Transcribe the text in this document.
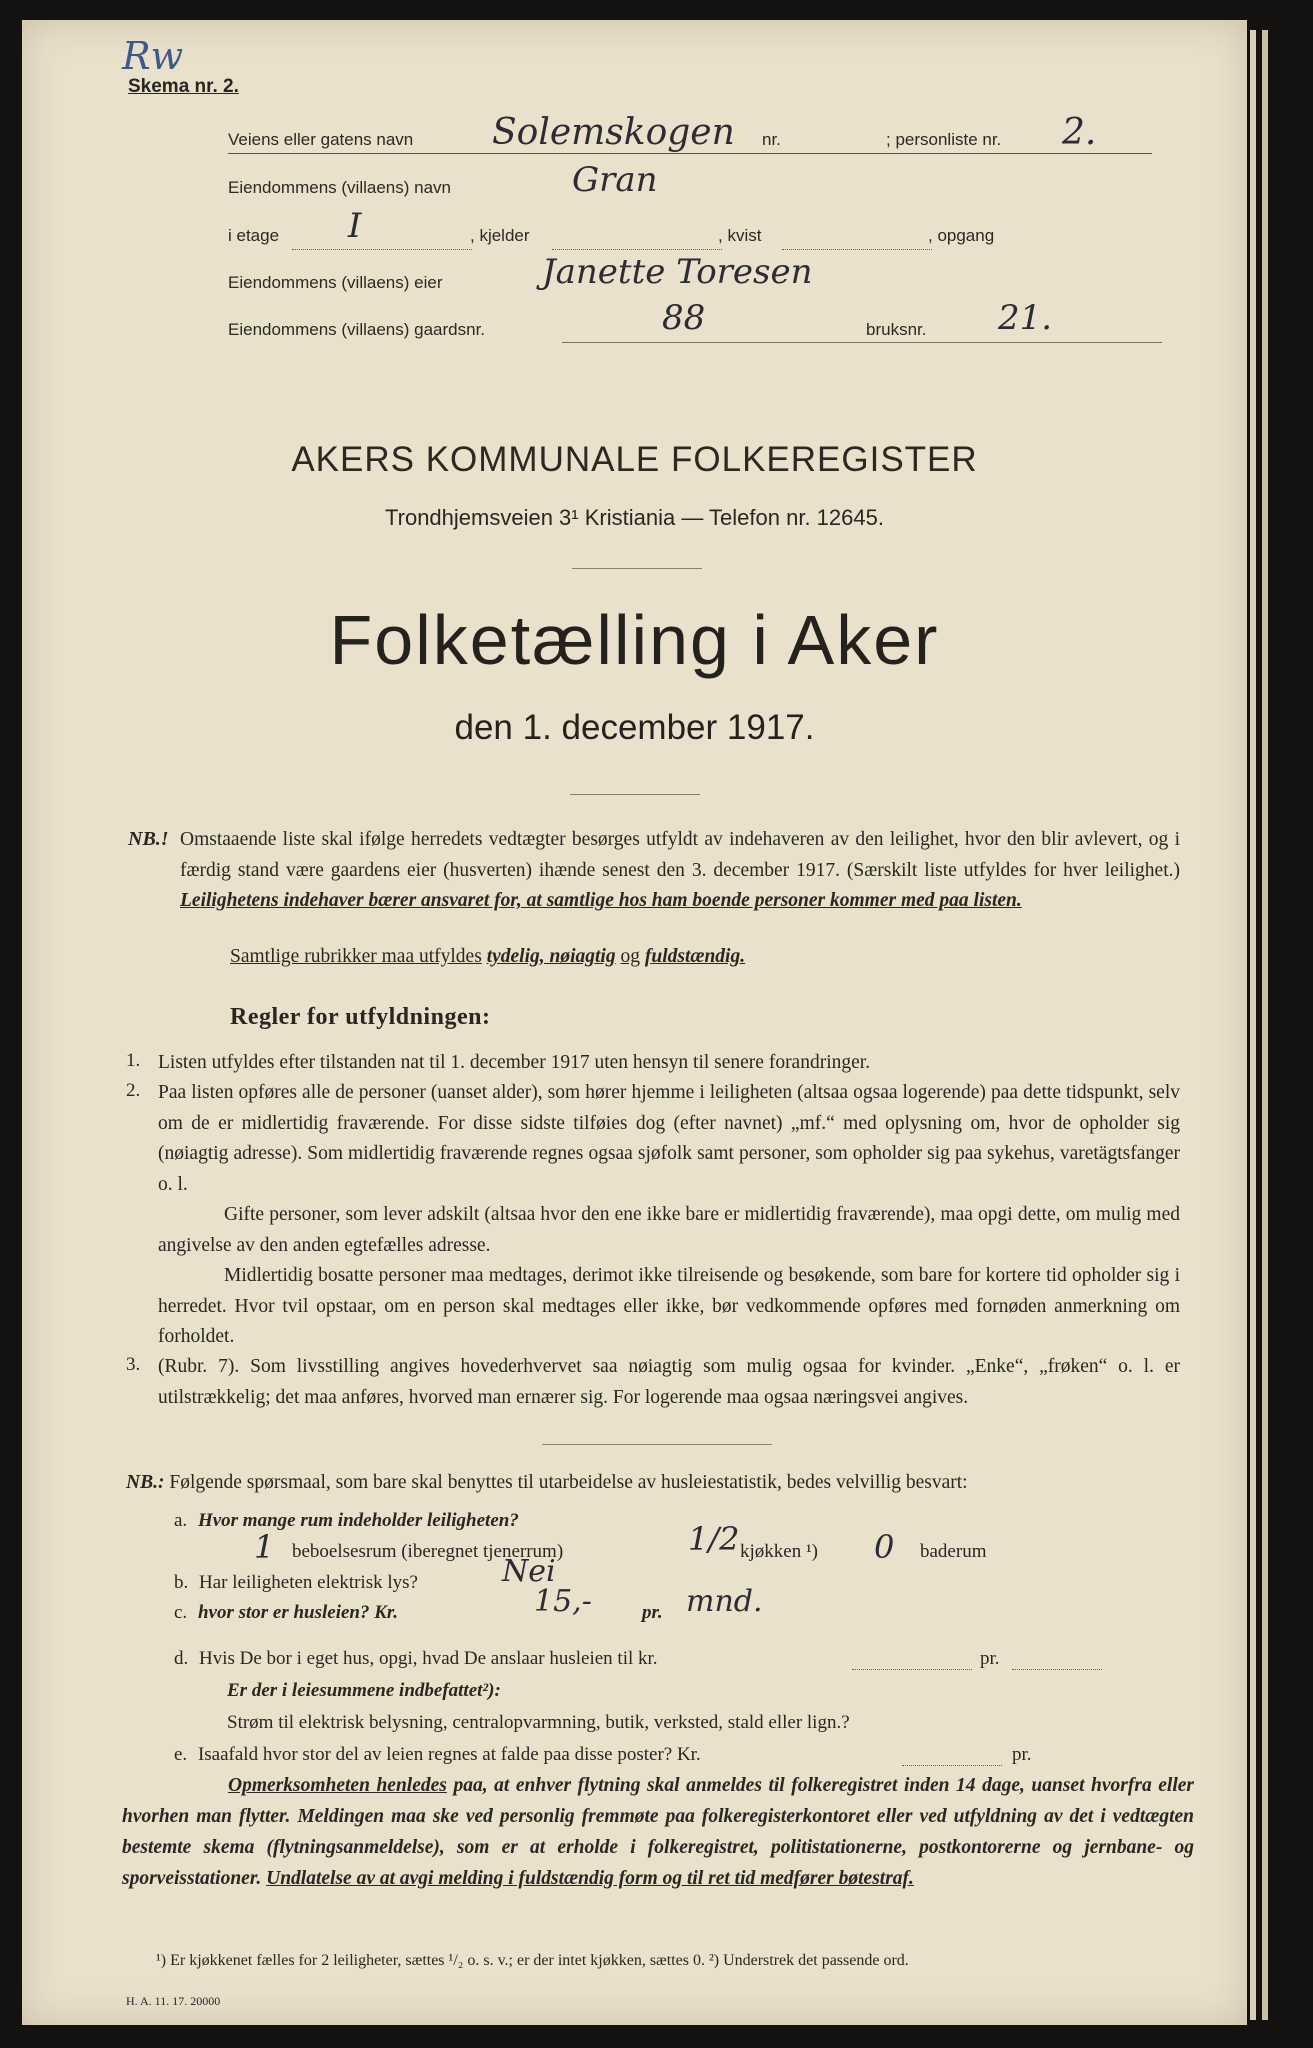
Rw
Skema nr. 2.
Veiens eller gatens navn Solemskogen nr.	; personliste nr. 2.
Eiendommens (villaens) navn	Gran
i etage I	, kjelder	, kvist	, opgang
Eiendommens (villaens) eier	Janette Toresen
Eiendommens (villaens) gaardsnr.	88	bruksnr. 21.
AKERS KOMMUNALE FOLKEREGISTER
Trondhjemsveien 3¹ Kristiania — Telefon nr. 12645.
Folketælling i Aker
den 1. december 1917.
NB.! Omstaaende liste skal ifølge herredets vedtægter besørges utfyldt av indehaveren av den leilighet, hvor den blir avlevert, og i færdig stand være gaardens eier (husverten) ihænde senest den 3. december 1917. (Særskilt liste utfyldes for hver leilighet.) Leilighetens indehaver bærer ansvaret for, at samtlige hos ham boende personer kommer med paa listen.
Samtlige rubrikker maa utfyldes tydelig, nøiagtig og fuldstændig.
Regler for utfyldningen:
1. Listen utfyldes efter tilstanden nat til 1. december 1917 uten hensyn til senere forandringer.
2. Paa listen opføres alle de personer (uanset alder), som hører hjemme i leiligheten (altsaa ogsaa logerende) paa dette tidspunkt, selv om de er midlertidig fraværende. For disse sidste tilføies dog (efter navnet) „mf.“ med oplysning om, hvor de opholder sig (nøiagtig adresse). Som midlertidig fraværende regnes ogsaa sjøfolk samt personer, som opholder sig paa sykehus, varetägtsfanger o. l.
Gifte personer, som lever adskilt (altsaa hvor den ene ikke bare er midlertidig fraværende), maa opgi dette, om mulig med angivelse av den anden egtefælles adresse.
Midlertidig bosatte personer maa medtages, derimot ikke tilreisende og besøkende, som bare for kortere tid opholder sig i herredet. Hvor tvil opstaar, om en person skal medtages eller ikke, bør vedkommende opføres med fornøden anmerkning om forholdet.
3. (Rubr. 7). Som livsstilling angives hovederhvervet saa nøiagtig som mulig ogsaa for kvinder. „Enke“, „frøken“ o. l. er utilstrækkelig; det maa anføres, hvorved man ernærer sig. For logerende maa ogsaa næringsvei angives.
NB.: Følgende spørsmaal, som bare skal benyttes til utarbeidelse av husleiestatistik, bedes velvillig besvart:
a. Hvor mange rum indeholder leiligheten?
1 beboelsesrum (iberegnet tjenerrum)	1/2 kjøkken ¹) 0 baderum
b. Har leiligheten elektrisk lys?	Nei
c. hvor stor er husleien? Kr.	15,-	pr. mnd.
d. Hvis De bor i eget hus, opgi, hvad De anslaar husleien til kr.	pr.
Er der i leiesummene indbefattet²):
Strøm til elektrisk belysning, centralopvarmning, butik, verksted, stald eller lign.?
e. Isaafald hvor stor del av leien regnes at falde paa disse poster? Kr.	pr.
Opmerksomheten henledes paa, at enhver flytning skal anmeldes til folkeregistret inden 14 dage, uanset hvorfra eller hvorhen man flytter. Meldingen maa ske ved personlig fremmøte paa folkeregisterkontoret eller ved utfyldning av det i vedtægten bestemte skema (flytningsanmeldelse), som er at erholde i folkeregistret, politistationerne, postkontorerne og jernbane- og sporveisstationer. Undlatelse av at avgi melding i fuldstændig form og til ret tid medfører bøtestraf.
¹) Er kjøkkenet fælles for 2 leiligheter, sættes ¹/₂ o. s. v.; er der intet kjøkken, sættes 0. ²) Understrek det passende ord.
H. A. 11. 17. 20000
